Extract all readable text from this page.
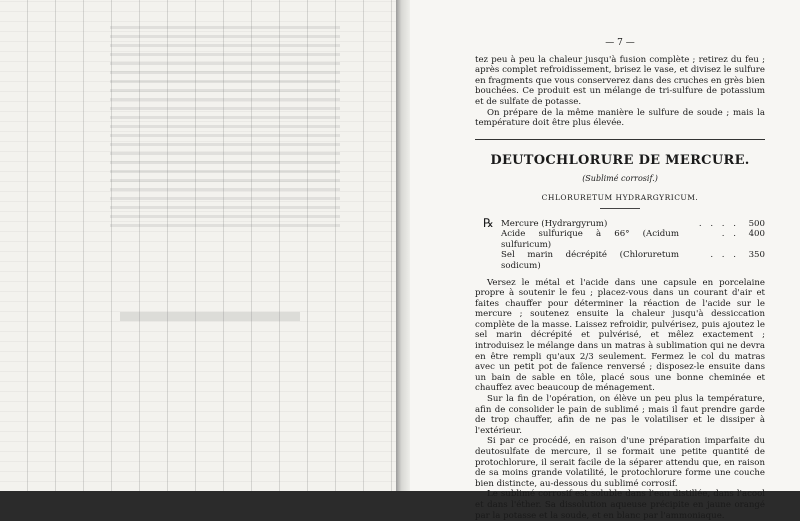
— 7 —

tez peu à peu la chaleur jusqu'à fusion complète ; retirez du feu ; après complet refroidissement, brisez le vase, et divisez le sulfure en fragments que vous conserverez dans des cruches en grès bien bouchées. Ce produit est un mélange de tri-sulfure de potassium et de sulfate de potasse.

On prépare de la même manière le sulfure de soude ; mais la température doit être plus élevée.

DEUTOCHLORURE DE MERCURE.
(Sublimé corrosif.)
CHLORURETUM HYDRARGYRICUM.
℞ Mercure (Hydrargyrum)	. . . .	500
Acide sulfurique à 66° (Acidum sulfuricum)
. .	400
Sel marin décrépité (Chloruretum sodicum)
. . .	350

Versez le métal et l'acide dans une capsule en porcelaine propre à soutenir le feu ; placez-vous dans un courant d'air et faites chauffer pour déterminer la réaction de l'acide sur le mercure ; soutenez ensuite la chaleur jusqu'à dessiccation complète de la masse. Laissez refroidir, pulvérisez, puis ajoutez le sel marin décrépité et pulvérisé, et mêlez exactement ; introduisez le mélange dans un matras à sublimation qui ne devra en être rempli qu'aux 2/3 seulement. Fermez le col du matras avec un petit pot de faïence renversé ; disposez-le ensuite dans un bain de sable en tôle, placé sous une bonne cheminée et chauffez avec beaucoup de ménagement.

Sur la fin de l'opération, on élève un peu plus la température, afin de consolider le pain de sublimé ; mais il faut prendre garde de trop chauffer, afin de ne pas le volatiliser et le dissiper à l'extérieur.

Si par ce procédé, en raison d'une préparation imparfaite du deutosulfate de mercure, il se formait une petite quantité de protochlorure, il serait facile de la séparer attendu que, en raison de sa moins grande volatilité, le protochlorure forme une couche bien distincte, au-dessous du sublimé corrosif.

Le sublimé corrosif est soluble dans l'eau distillée, dans l'acool et dans l'éther. Sa dissolution aqueuse précipite en jaune orangé par la potasse et la soude, et en blanc par l'ammoniaque.
